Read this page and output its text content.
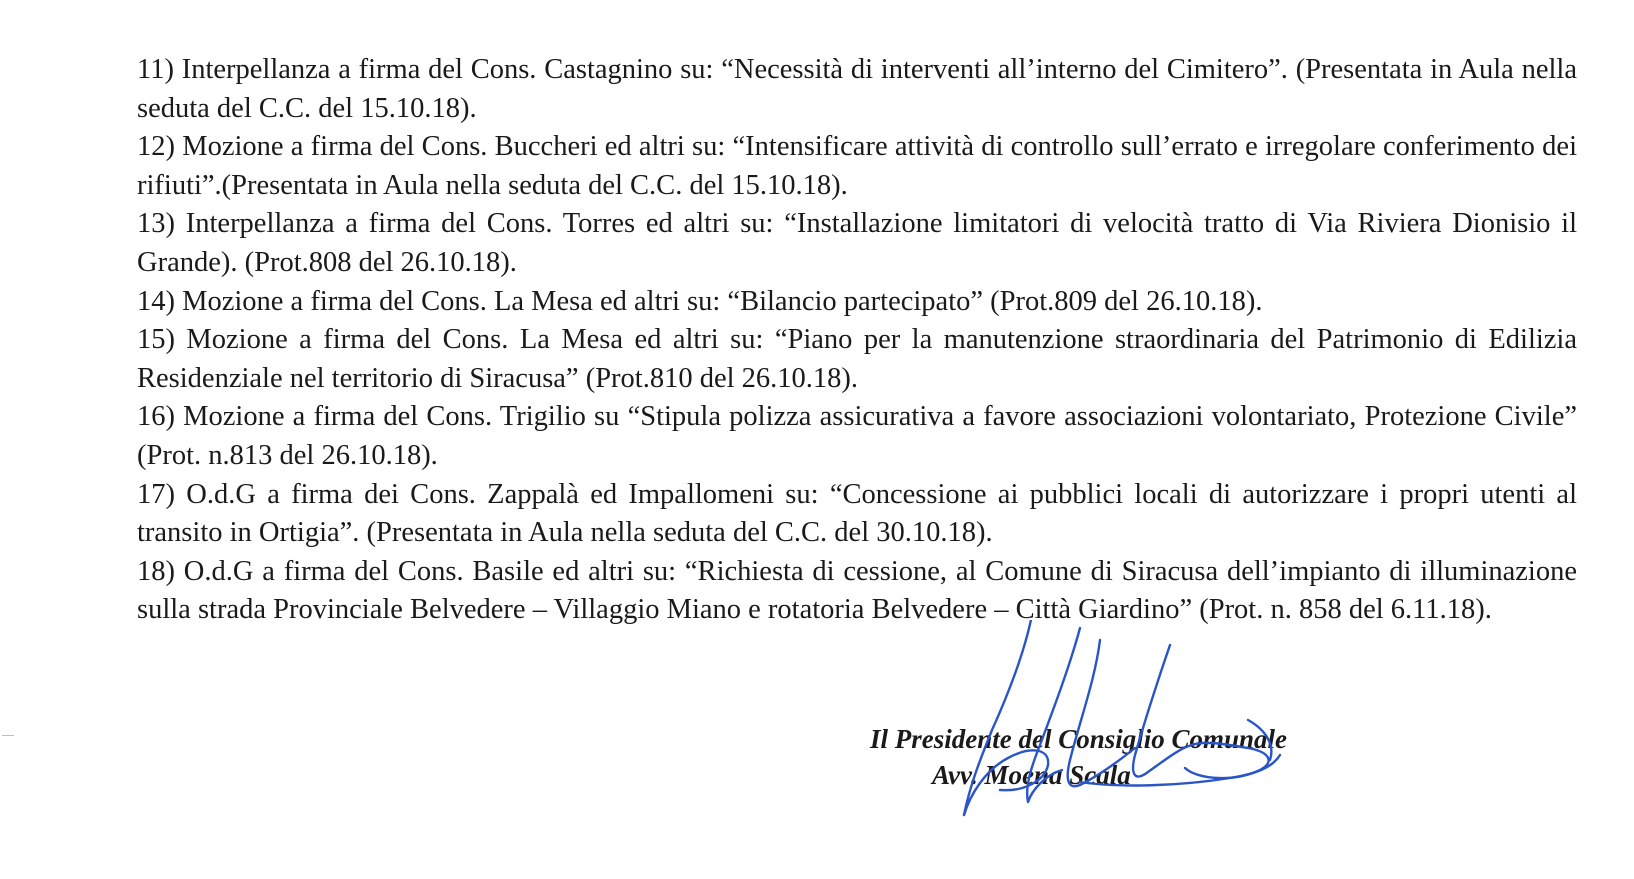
11) Interpellanza a firma del Cons. Castagnino su: “Necessità di interventi all’interno del Cimitero”. (Presentata in Aula nella seduta del C.C. del 15.10.18).

12) Mozione a firma del Cons. Buccheri ed altri su: “Intensificare attività di controllo sull’errato e irregolare conferimento dei rifiuti”.(Presentata in Aula nella seduta del C.C. del 15.10.18).

13) Interpellanza a firma del Cons. Torres ed altri su: “Installazione limitatori di velocità tratto di Via Riviera Dionisio il Grande). (Prot.808 del 26.10.18).

14) Mozione a firma del Cons. La Mesa ed altri su: “Bilancio partecipato” (Prot.809 del 26.10.18).

15) Mozione a firma del Cons. La Mesa ed altri su: “Piano per la manutenzione straordinaria del Patrimonio di Edilizia Residenziale nel territorio di Siracusa” (Prot.810 del 26.10.18).

16) Mozione a firma del Cons. Trigilio su “Stipula polizza assicurativa a favore associazioni volontariato, Protezione Civile” (Prot. n.813 del 26.10.18).

17) O.d.G a firma dei Cons. Zappalà ed Impallomeni su: “Concessione ai pubblici locali di autorizzare i propri utenti al transito in Ortigia”. (Presentata in Aula nella seduta del C.C. del 30.10.18).

18) O.d.G a firma del Cons. Basile ed altri su: “Richiesta di cessione, al Comune di Siracusa dell’impianto di illuminazione sulla strada Provinciale Belvedere – Villaggio Miano e rotatoria Belvedere – Città Giardino” (Prot. n. 858 del 6.11.18).

Il Presidente del Consiglio Comunale
Avv. Moena Scala
